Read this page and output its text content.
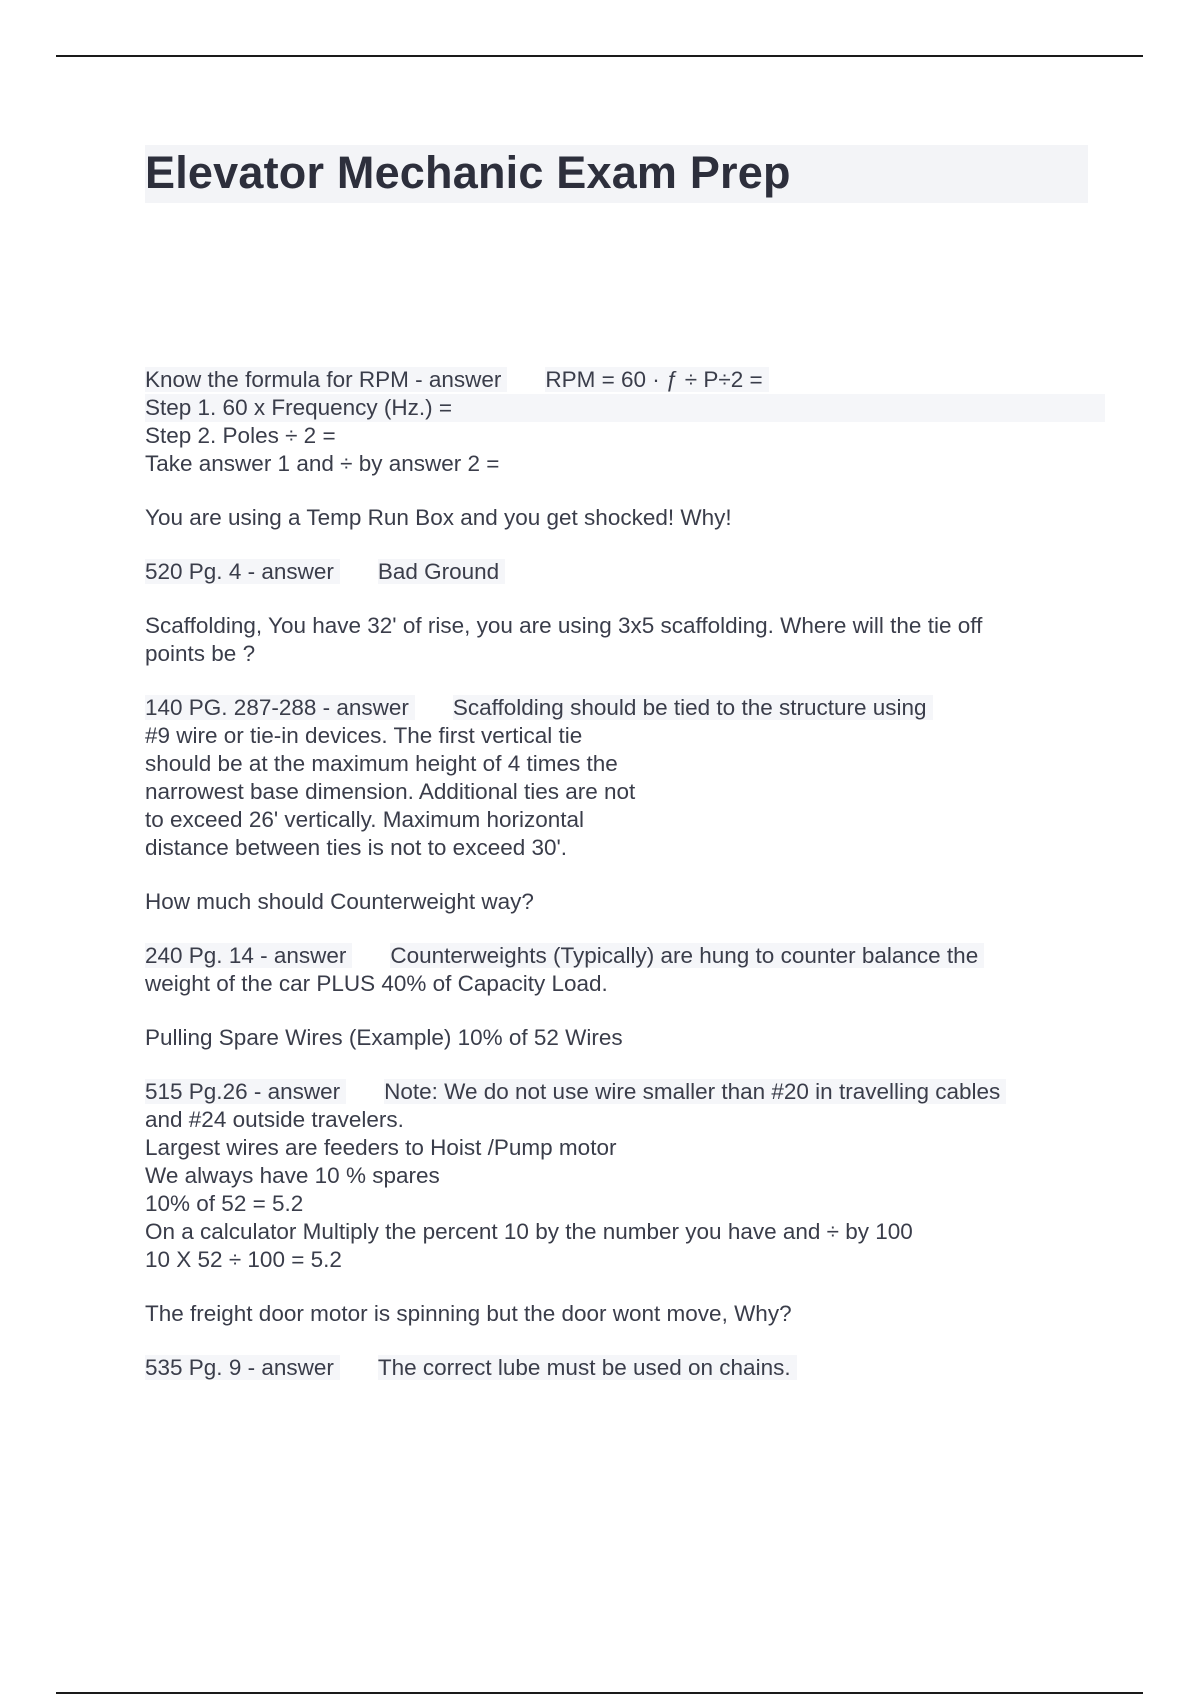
Elevator Mechanic Exam Prep
Know the formula for RPM - answer RPM = 60 · ƒ ÷ P÷2 =
Step 1. 60 x Frequency (Hz.) =
Step 2. Poles ÷ 2 =
Take answer 1 and ÷ by answer 2 =
You are using a Temp Run Box and you get shocked! Why!
520 Pg. 4 - answer Bad Ground
Scaffolding, You have 32' of rise, you are using 3x5 scaffolding. Where will the tie off
points be ?
140 PG. 287-288 - answer Scaffolding should be tied to the structure using
#9 wire or tie-in devices. The first vertical tie
should be at the maximum height of 4 times the
narrowest base dimension. Additional ties are not
to exceed 26' vertically. Maximum horizontal
distance between ties is not to exceed 30'.
How much should Counterweight way?
240 Pg. 14 - answer Counterweights (Typically) are hung to counter balance the
weight of the car PLUS 40% of Capacity Load.
Pulling Spare Wires (Example) 10% of 52 Wires
515 Pg.26 - answer Note: We do not use wire smaller than #20 in travelling cables
and #24 outside travelers.
Largest wires are feeders to Hoist /Pump motor
We always have 10 % spares
10% of 52 = 5.2
On a calculator Multiply the percent 10 by the number you have and ÷ by 100
10 X 52 ÷ 100 = 5.2
The freight door motor is spinning but the door wont move, Why?
535 Pg. 9 - answer The correct lube must be used on chains.
